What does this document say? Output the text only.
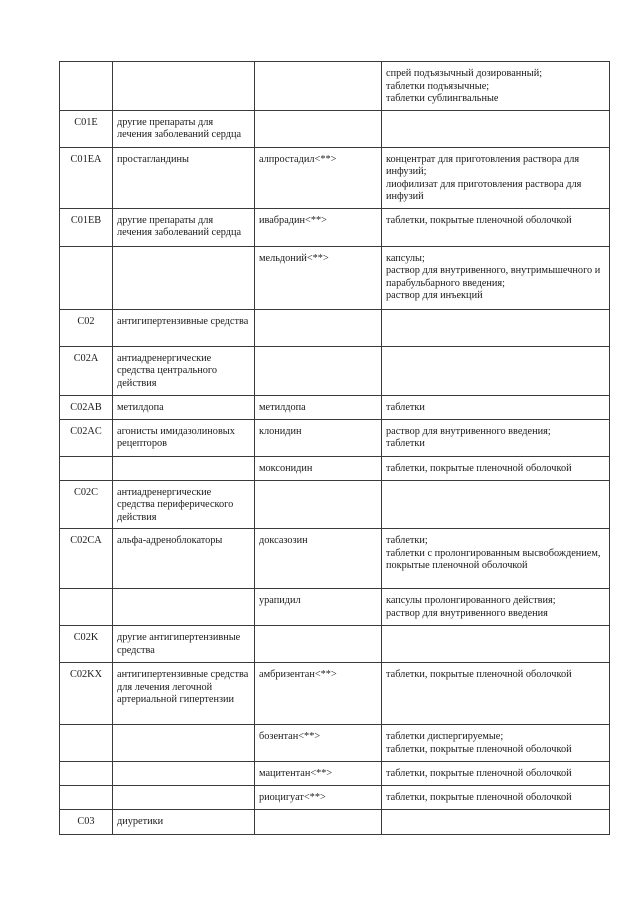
			спрей подъязычный дозированный;
таблетки подъязычные;
таблетки сублингвальные

C01E	другие препараты для лечения заболеваний сердца		
C01EA	простагландины	алпростадил<**>	концентрат для приготовления раствора для инфузий;
лиофилизат для приготовления раствора для инфузий

C01EB	другие препараты для лечения заболеваний сердца	ивабрадин<**>	таблетки, покрытые пленочной оболочкой

		мельдоний<**>	капсулы;
раствор для внутривенного, внутримышечного и парабульбарного введения;
раствор для инъекций

C02	антигипертензивные средства		
C02A	антиадренергические средства центрального действия		
C02AB	метилдопа	метилдопа	таблетки

C02AC	агонисты имидазолиновых рецепторов	клонидин	раствор для внутривенного введения;
таблетки

		моксонидин	таблетки, покрытые пленочной оболочкой

C02C	антиадренергические средства периферического действия		
C02CA	альфа-адреноблокаторы	доксазозин	таблетки;
таблетки с пролонгированным высвобождением, покрытые пленочной оболочкой

		урапидил	капсулы пролонгированного действия;
раствор для внутривенного введения

C02K	другие антигипертензивные средства		
C02KX	антигипертензивные средства для лечения легочной артериальной гипертензии	амбризентан<**>	таблетки, покрытые пленочной оболочкой

		бозентан<**>	таблетки диспергируемые;
таблетки, покрытые пленочной оболочкой

		мацитентан<**>	таблетки, покрытые пленочной оболочкой

		риоцигуат<**>	таблетки, покрытые пленочной оболочкой

C03	диуретики		
